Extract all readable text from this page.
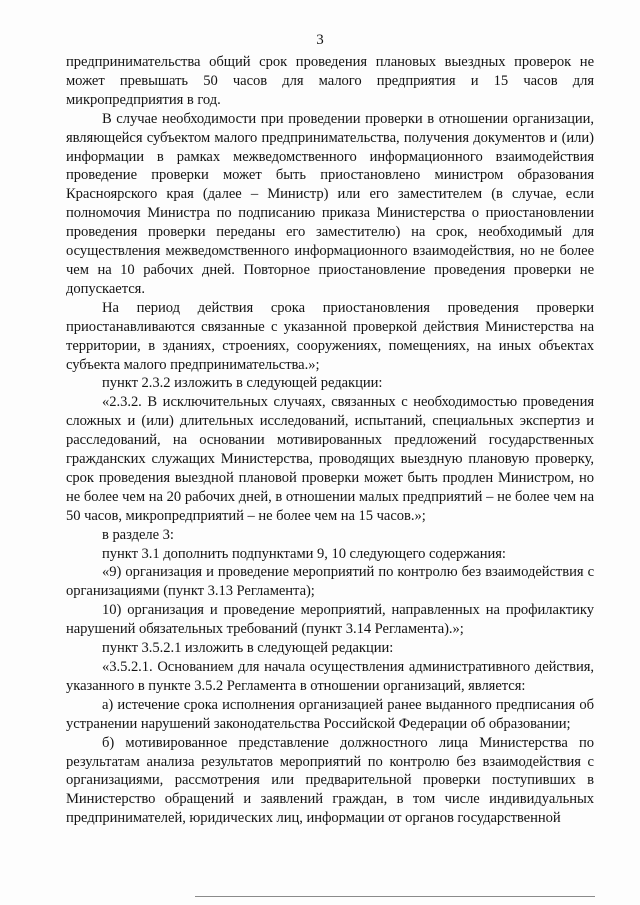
3

предпринимательства общий срок проведения плановых выездных проверок не может превышать 50 часов для малого предприятия и 15 часов для микропредприятия в год.

В случае необходимости при проведении проверки в отношении организации, являющейся субъектом малого предпринимательства, получения документов и (или) информации в рамках межведомственного информационного взаимодействия проведение проверки может быть приостановлено министром образования Красноярского края (далее – Министр) или его заместителем (в случае, если полномочия Министра по подписанию приказа Министерства о приостановлении проведения проверки переданы его заместителю) на срок, необходимый для осуществления межведомственного информационного взаимодействия, но не более чем на 10 рабочих дней. Повторное приостановление проведения проверки не допускается.

На период действия срока приостановления проведения проверки приостанавливаются связанные с указанной проверкой действия Министерства на территории, в зданиях, строениях, сооружениях, помещениях, на иных объектах субъекта малого предпринимательства.»;

пункт 2.3.2 изложить в следующей редакции:

«2.3.2. В исключительных случаях, связанных с необходимостью проведения сложных и (или) длительных исследований, испытаний, специальных экспертиз и расследований, на основании мотивированных предложений государственных гражданских служащих Министерства, проводящих выездную плановую проверку, срок проведения выездной плановой проверки может быть продлен Министром, но не более чем на 20 рабочих дней, в отношении малых предприятий – не более чем на 50 часов, микропредприятий – не более чем на 15 часов.»;

в разделе 3:

пункт 3.1 дополнить подпунктами 9, 10 следующего содержания:

«9) организация и проведение мероприятий по контролю без взаимодействия с организациями (пункт 3.13 Регламента);

10) организация и проведение мероприятий, направленных на профилактику нарушений обязательных требований (пункт 3.14 Регламента).»;

пункт 3.5.2.1 изложить в следующей редакции:

«3.5.2.1. Основанием для начала осуществления административного действия, указанного в пункте 3.5.2 Регламента в отношении организаций, является:

а) истечение срока исполнения организацией ранее выданного предписания об устранении нарушений законодательства Российской Федерации об образовании;

б) мотивированное представление должностного лица Министерства по результатам анализа результатов мероприятий по контролю без взаимодействия с организациями, рассмотрения или предварительной проверки поступивших в Министерство обращений и заявлений граждан, в том числе индивидуальных предпринимателей, юридических лиц, информации от органов государственной
